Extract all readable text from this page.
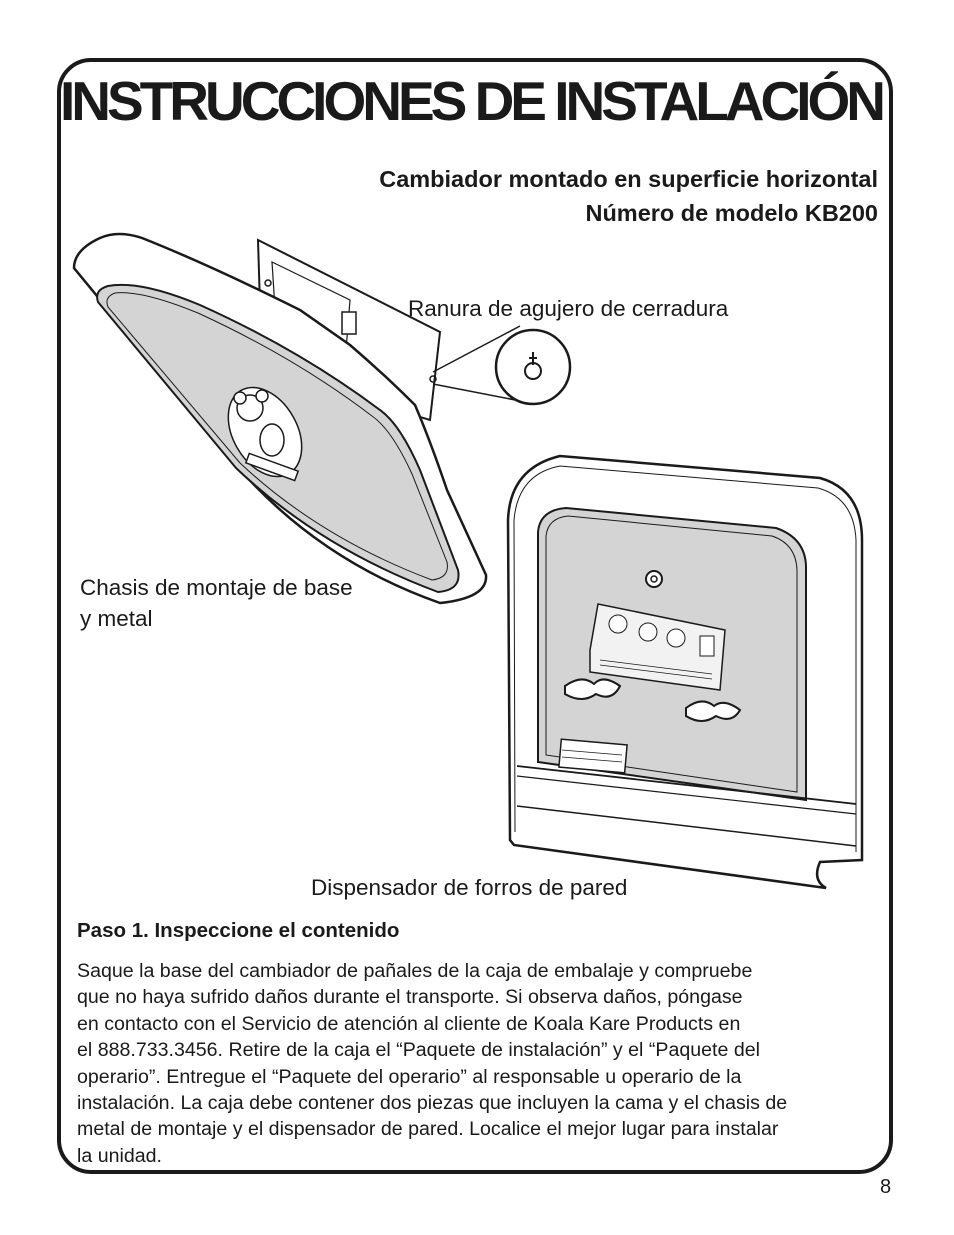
INSTRUCCIONES DE INSTALACIÓN
Cambiador montado en superficie horizontal
Número de modelo KB200
Ranura de agujero de cerradura
Chasis de montaje de base
y metal
Dispensador de forros de pared
Paso 1. Inspeccione el contenido
Saque la base del cambiador de pañales de la caja de embalaje y compruebe
que no haya sufrido daños durante el transporte. Si observa daños, póngase
en contacto con el Servicio de atención al cliente de Koala Kare Products en
el 888.733.3456. Retire de la caja el “Paquete de instalación” y el “Paquete del
operario”. Entregue el “Paquete del operario” al responsable u operario de la
instalación. La caja debe contener dos piezas que incluyen la cama y el chasis de
metal de montaje y el dispensador de pared. Localice el mejor lugar para instalar
la unidad.
8
